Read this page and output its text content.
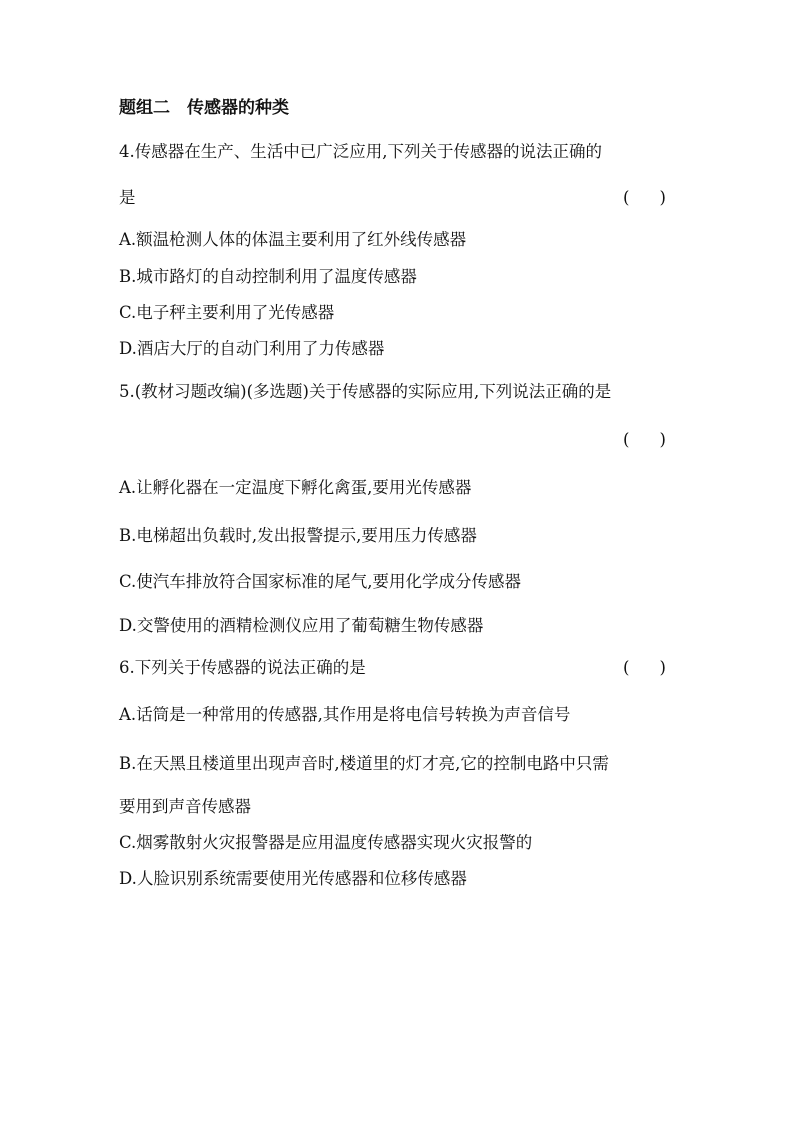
题组二　传感器的种类
4.传感器在生产、生活中已广泛应用,下列关于传感器的说法正确的
是	( )
A.额温枪测人体的体温主要利用了红外线传感器
B.城市路灯的自动控制利用了温度传感器
C.电子秤主要利用了光传感器
D.酒店大厅的自动门利用了力传感器
5.(教材习题改编)(多选题)关于传感器的实际应用,下列说法正确的是
( )
A.让孵化器在一定温度下孵化禽蛋,要用光传感器
B.电梯超出负载时,发出报警提示,要用压力传感器
C.使汽车排放符合国家标准的尾气,要用化学成分传感器
D.交警使用的酒精检测仪应用了葡萄糖生物传感器
6.下列关于传感器的说法正确的是	( )
A.话筒是一种常用的传感器,其作用是将电信号转换为声音信号
B.在天黑且楼道里出现声音时,楼道里的灯才亮,它的控制电路中只需
要用到声音传感器
C.烟雾散射火灾报警器是应用温度传感器实现火灾报警的
D.人脸识别系统需要使用光传感器和位移传感器
